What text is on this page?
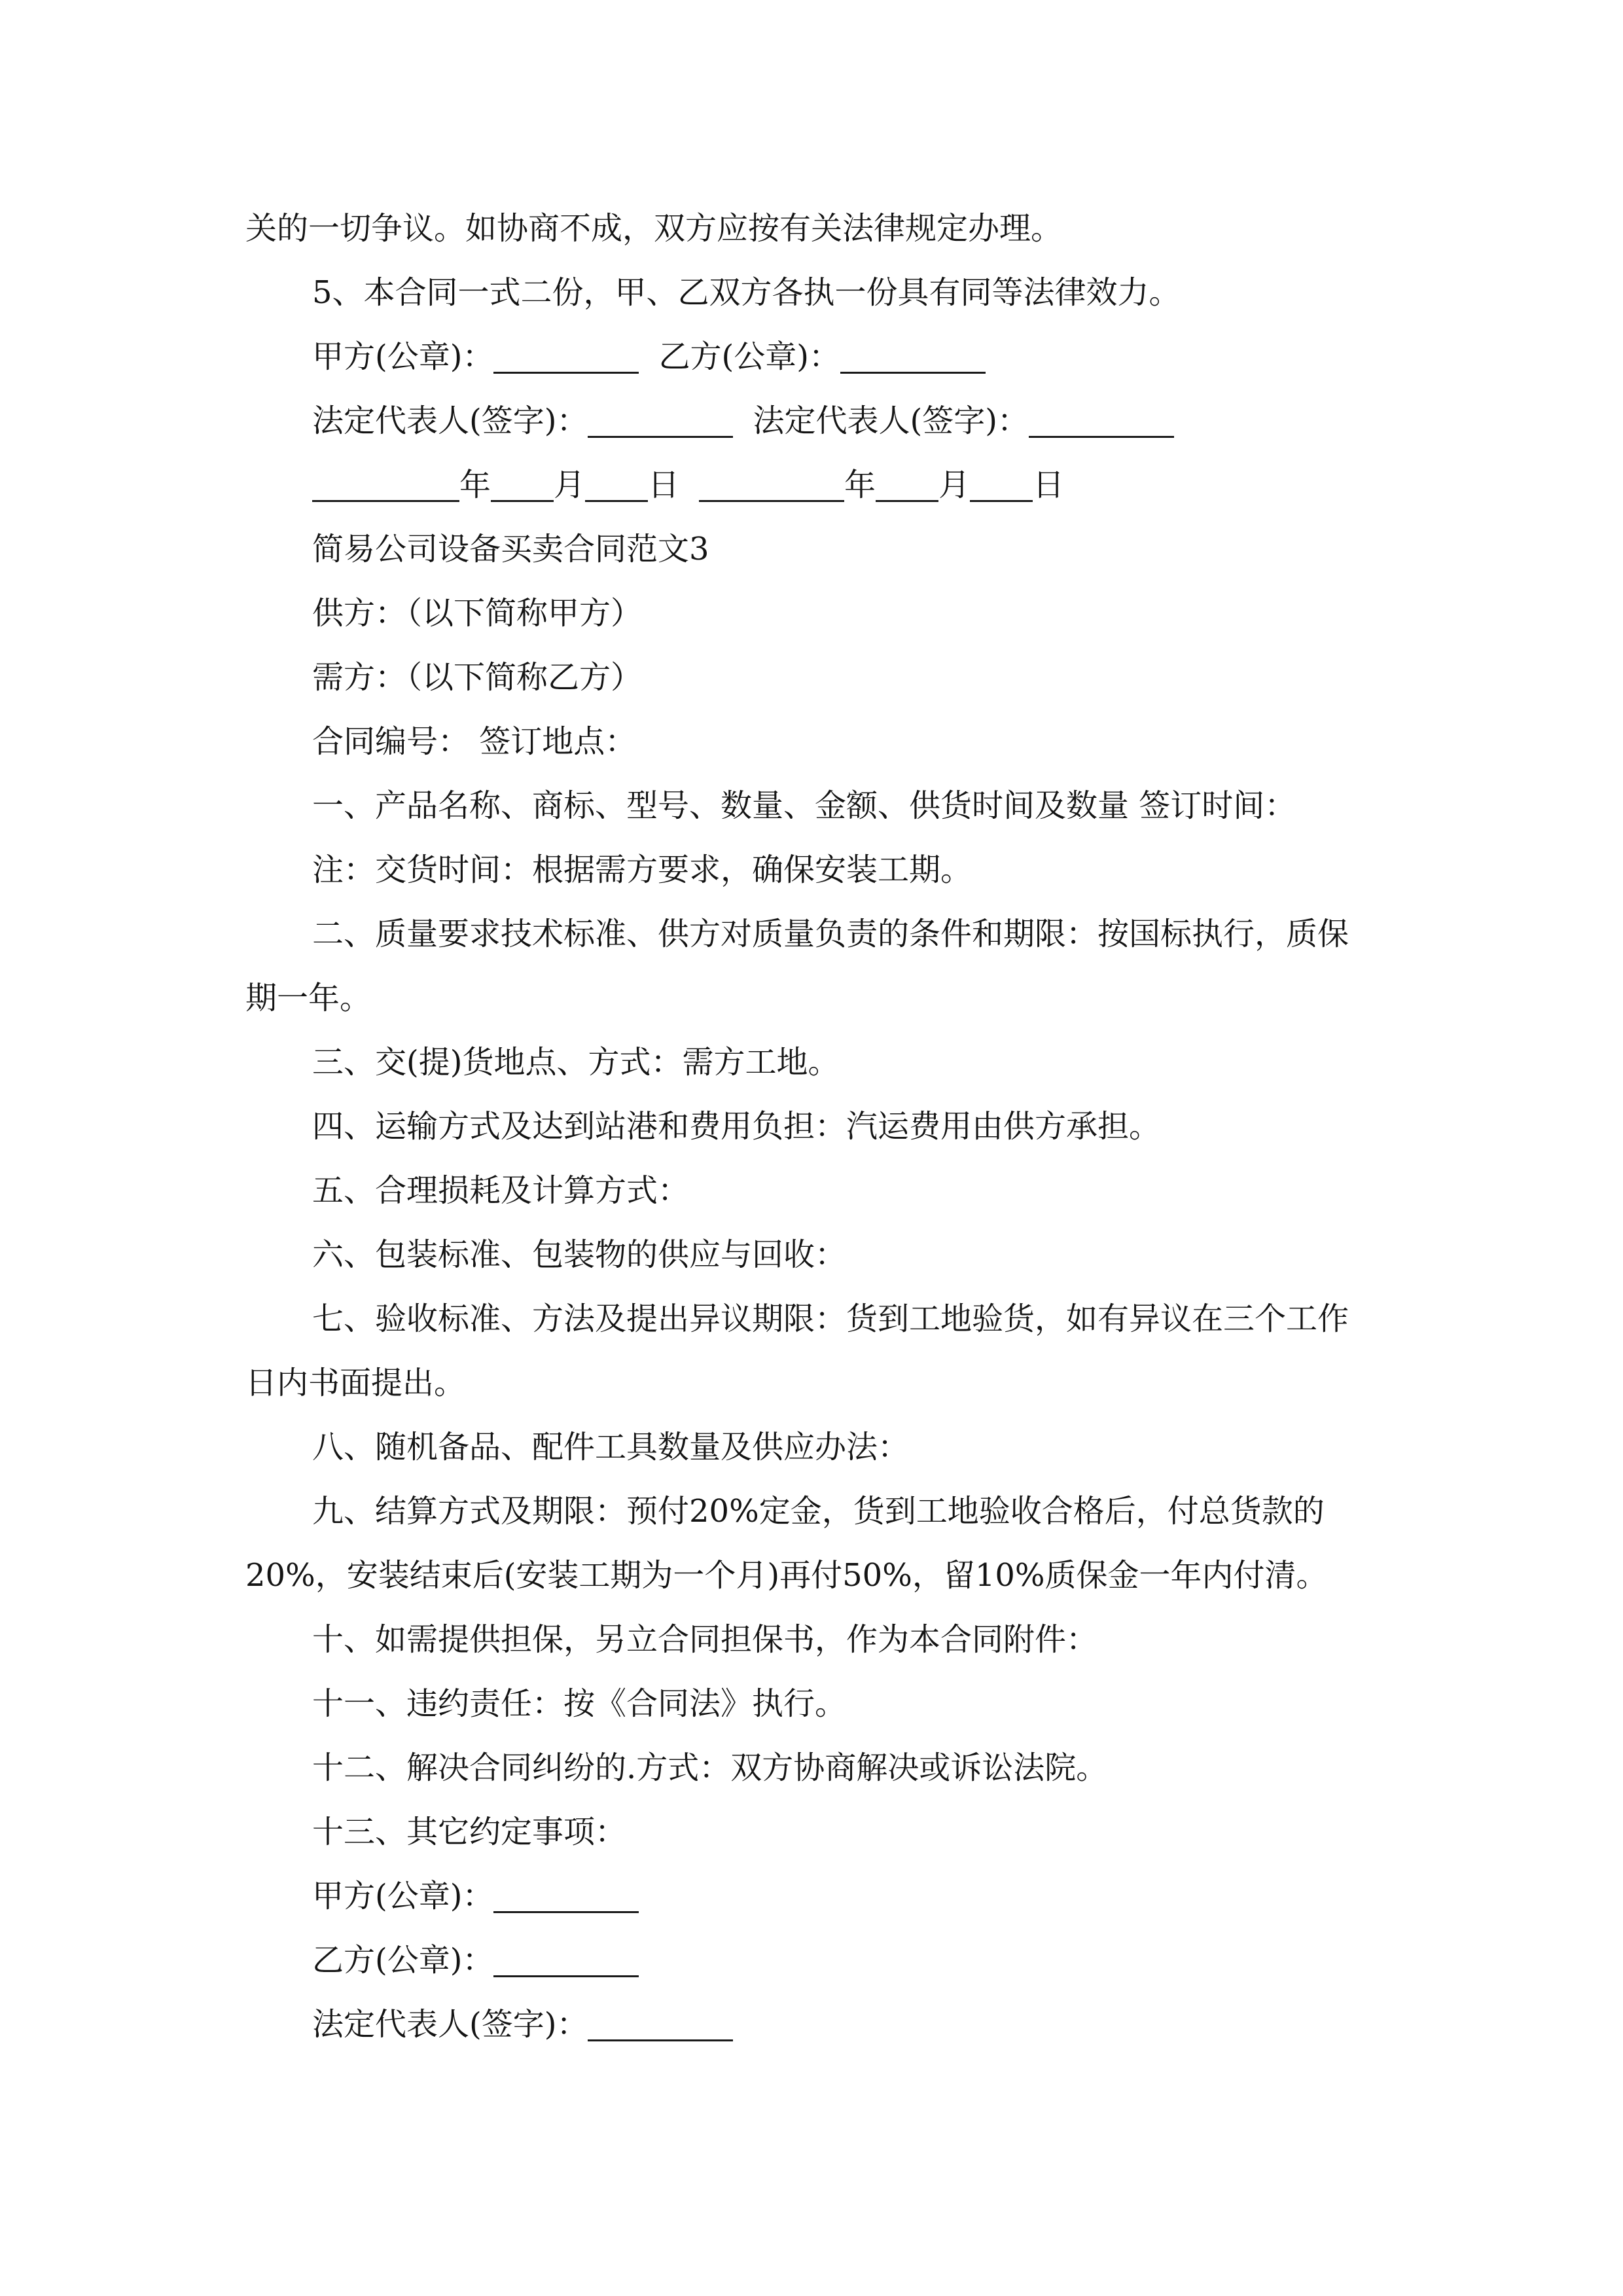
关的一切争议。如协商不成，双方应按有关法律规定办理。
5、本合同一式二份，甲、乙双方各执一份具有同等法律效力。
甲方(公章)：	乙方(公章)：
法定代表人(签字)：	法定代表人(签字)：
年 月 日	年 月 日
简易公司设备买卖合同范文3
供方：（以下简称甲方）
需方：（以下简称乙方）
合同编号： 签订地点：
一、产品名称、商标、型号、数量、金额、供货时间及数量 签订时间：
注：交货时间：根据需方要求，确保安装工期。
二、质量要求技术标准、供方对质量负责的条件和期限：按国标执行，质保
期一年。
三、交(提)货地点、方式：需方工地。
四、运输方式及达到站港和费用负担：汽运费用由供方承担。
五、合理损耗及计算方式：
六、包装标准、包装物的供应与回收：
七、验收标准、方法及提出异议期限：货到工地验货，如有异议在三个工作
日内书面提出。
八、随机备品、配件工具数量及供应办法：
九、结算方式及期限：预付20%定金，货到工地验收合格后，付总货款的
20%，安装结束后(安装工期为一个月)再付50%，留10%质保金一年内付清。
十、如需提供担保，另立合同担保书，作为本合同附件：
十一、违约责任：按《合同法》执行。
十二、解决合同纠纷的.方式：双方协商解决或诉讼法院。
十三、其它约定事项：
甲方(公章)：
乙方(公章)：
法定代表人(签字)：
